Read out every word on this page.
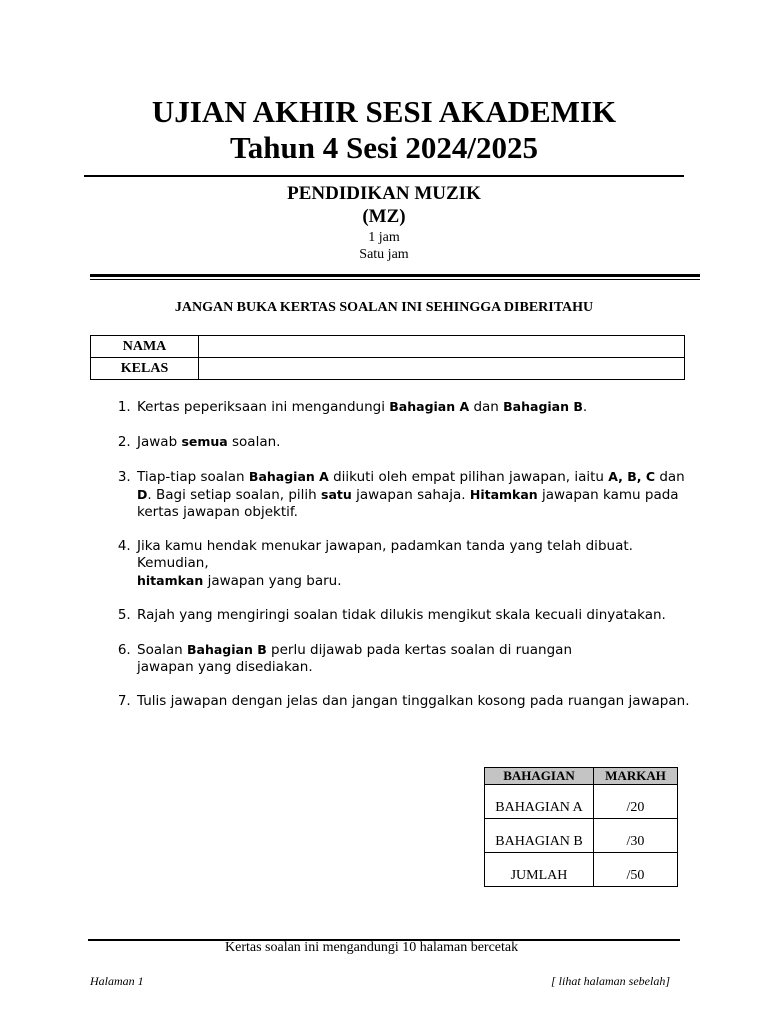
UJIAN AKHIR SESI AKADEMIK
Tahun 4 Sesi 2024/2025
PENDIDIKAN MUZIK
(MZ)
1 jam
Satu jam
JANGAN BUKA KERTAS SOALAN INI SEHINGGA DIBERITAHU
NAMA	
KELAS	
1. Kertas peperiksaan ini mengandungi Bahagian A dan Bahagian B.
2. Jawab semua soalan.
3. Tiap-tiap soalan Bahagian A diikuti oleh empat pilihan jawapan, iaitu A, B, C dan D. Bagi setiap soalan, pilih satu jawapan sahaja. Hitamkan jawapan kamu pada kertas jawapan objektif.
4. Jika kamu hendak menukar jawapan, padamkan tanda yang telah dibuat. Kemudian,
hitamkan jawapan yang baru.
5. Rajah yang mengiringi soalan tidak dilukis mengikut skala kecuali dinyatakan.
6. Soalan Bahagian B perlu dijawab pada kertas soalan di ruangan
jawapan yang disediakan.
7. Tulis jawapan dengan jelas dan jangan tinggalkan kosong pada ruangan jawapan.
BAHAGIAN	MARKAH
BAHAGIAN A	/20
BAHAGIAN B	/30
JUMLAH	/50
Kertas soalan ini mengandungi 10 halaman bercetak
Halaman 1	[ lihat halaman sebelah]
